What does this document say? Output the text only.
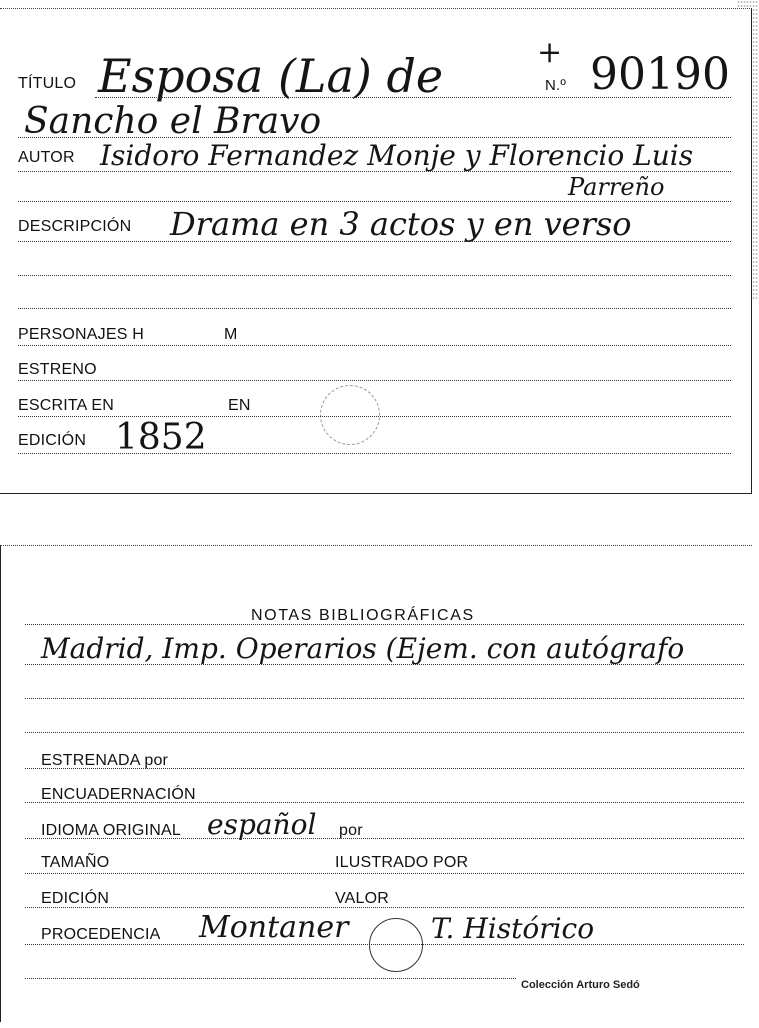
TÍTULO Esposa (La) de	+
N.º 90190
Sancho el Bravo
AUTOR Isidoro Fernandez Monje y Florencio Luis
Parreño
DESCRIPCIÓN Drama en 3 actos y en verso
PERSONAJES H	M
ESTRENO
ESCRITA EN	EN
EDICIÓN 1852
NOTAS BIBLIOGRÁFICAS
Madrid, Imp. Operarios (Ejem. con autógrafo
ESTRENADA por
ENCUADERNACIÓN
IDIOMA ORIGINAL español por
TAMAÑO	ILUSTRADO POR
EDICIÓN	VALOR
PROCEDENCIA Montaner	T. Histórico
Colección Arturo Sedó
